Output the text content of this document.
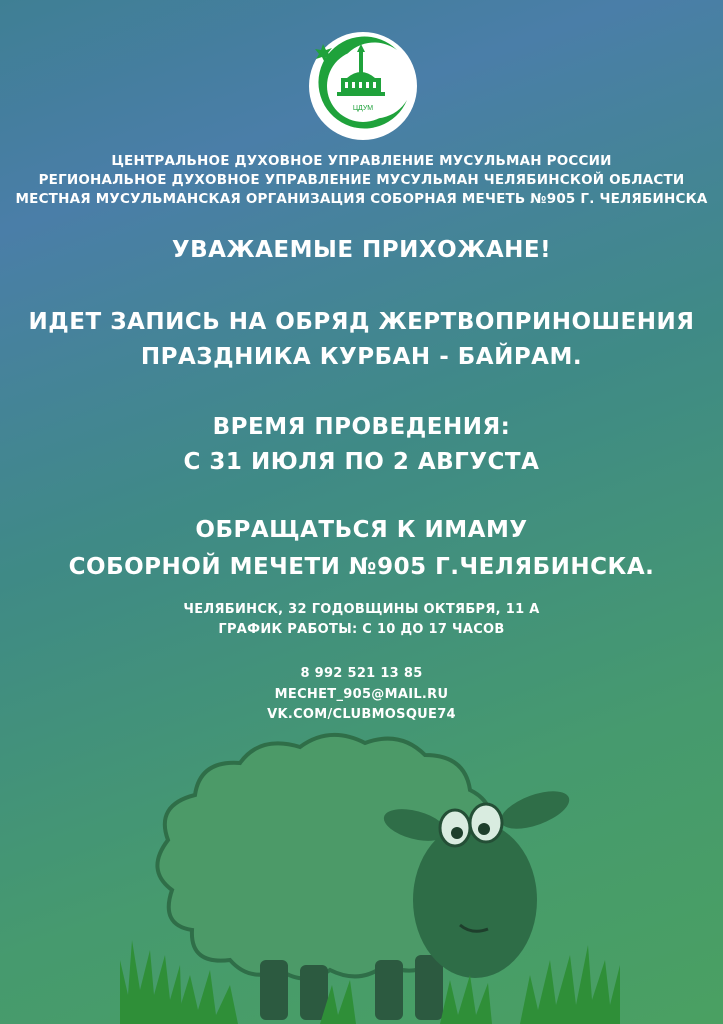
ЦДУМ
ЦЕНТРАЛЬНОЕ ДУХОВНОЕ УПРАВЛЕНИЕ МУСУЛЬМАН РОССИИ
РЕГИОНАЛЬНОЕ ДУХОВНОЕ УПРАВЛЕНИЕ МУСУЛЬМАН ЧЕЛЯБИНСКОЙ ОБЛАСТИ
МЕСТНАЯ МУСУЛЬМАНСКАЯ ОРГАНИЗАЦИЯ СОБОРНАЯ МЕЧЕТЬ №905 Г. ЧЕЛЯБИНСКА
УВАЖАЕМЫЕ ПРИХОЖАНЕ!
ИДЕТ ЗАПИСЬ НА ОБРЯД ЖЕРТВОПРИНОШЕНИЯ
ПРАЗДНИКА КУРБАН - БАЙРАМ.
ВРЕМЯ ПРОВЕДЕНИЯ:
С 31 ИЮЛЯ ПО 2 АВГУСТА
ОБРАЩАТЬСЯ К ИМАМУ
СОБОРНОЙ МЕЧЕТИ №905 Г.ЧЕЛЯБИНСКА.
ЧЕЛЯБИНСК, 32 ГОДОВЩИНЫ ОКТЯБРЯ, 11 А
ГРАФИК РАБОТЫ: С 10 ДО 17 ЧАСОВ
8 992 521 13 85
MECHET_905@MAIL.RU
VK.COM/CLUBMOSQUE74
